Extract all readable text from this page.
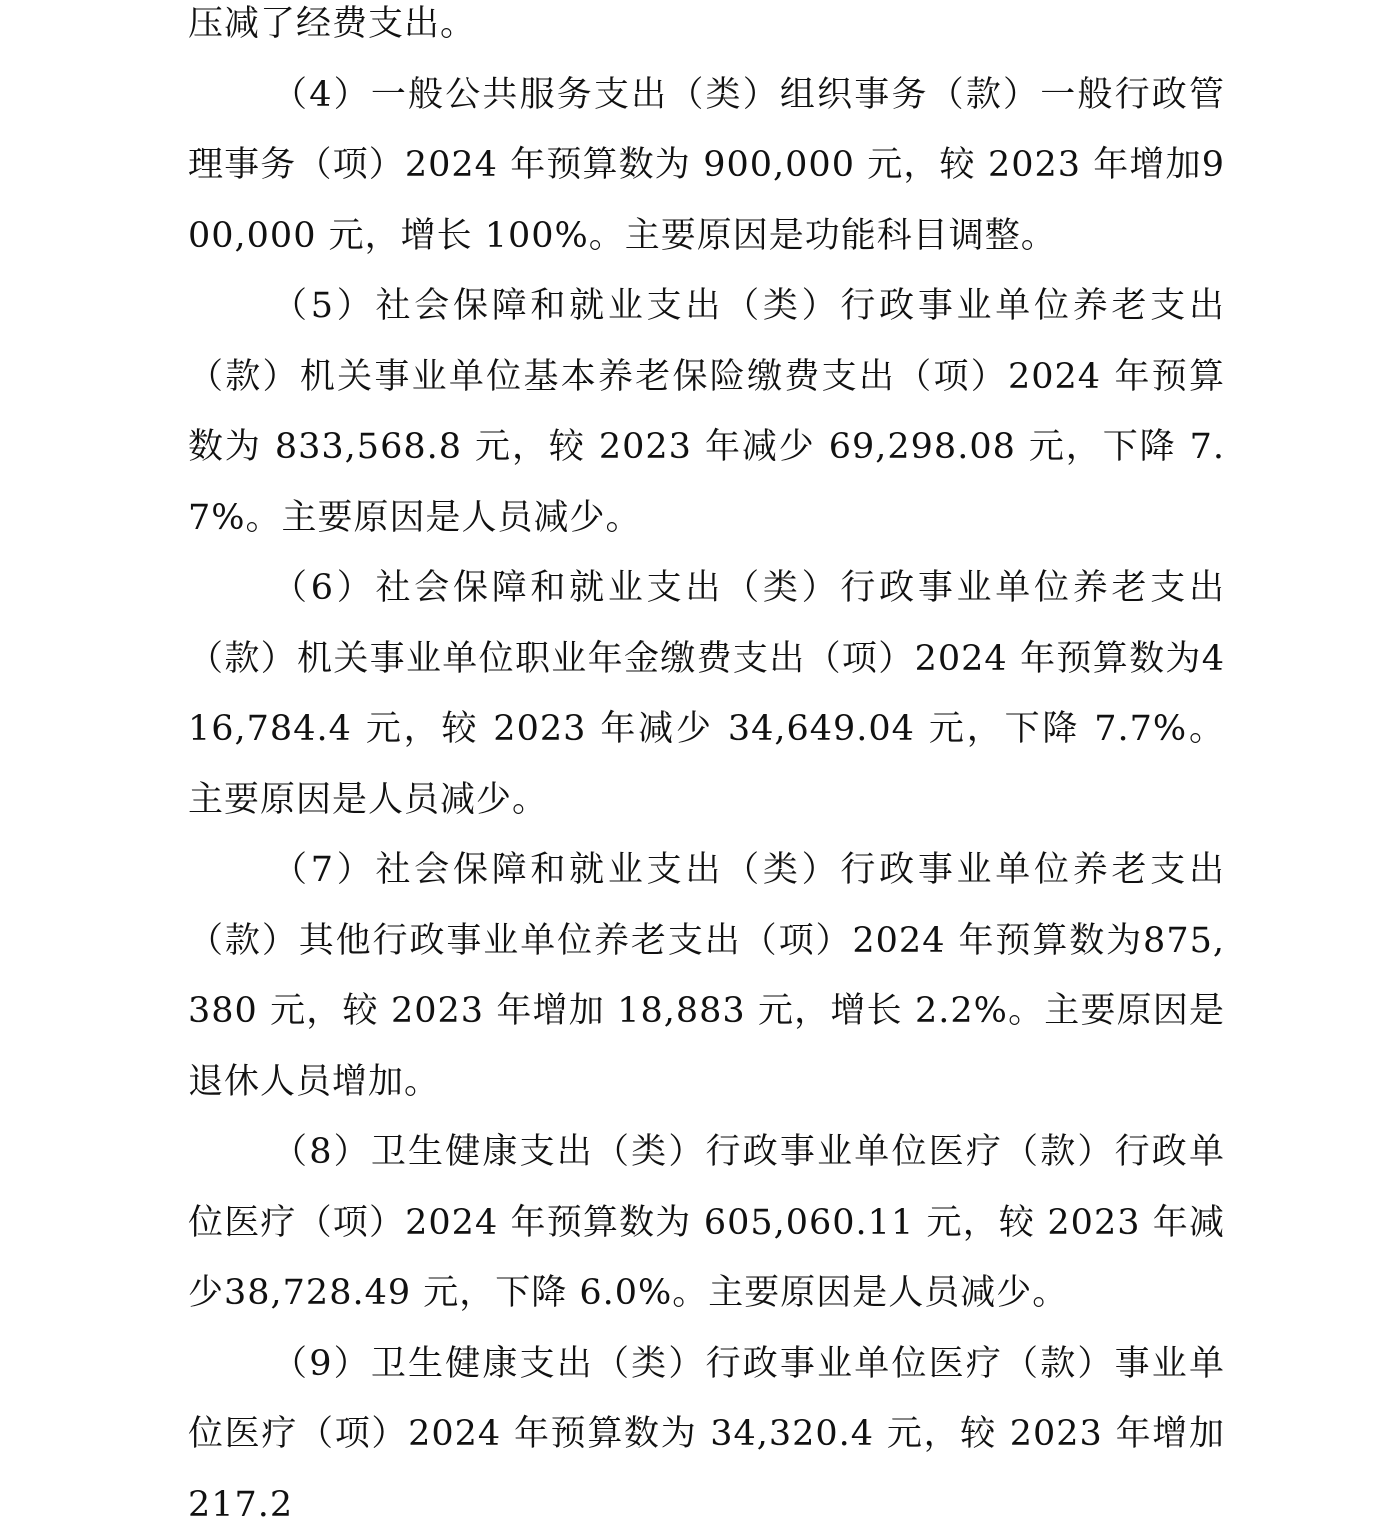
压减了经费支出。

（4）一般公共服务支出（类）组织事务（款）一般行政管理事务（项）2024 年预算数为 900,000 元，较 2023 年增加900,000 元，增长 100%。主要原因是功能科目调整。

（5）社会保障和就业支出（类）行政事业单位养老支出（款）机关事业单位基本养老保险缴费支出（项）2024 年预算数为 833,568.8 元，较 2023 年减少 69,298.08 元，下降 7.7%。主要原因是人员减少。

（6）社会保障和就业支出（类）行政事业单位养老支出（款）机关事业单位职业年金缴费支出（项）2024 年预算数为416,784.4 元，较 2023 年减少 34,649.04 元，下降 7.7%。主要原因是人员减少。

（7）社会保障和就业支出（类）行政事业单位养老支出（款）其他行政事业单位养老支出（项）2024 年预算数为875,380 元，较 2023 年增加 18,883 元，增长 2.2%。主要原因是退休人员增加。

（8）卫生健康支出（类）行政事业单位医疗（款）行政单位医疗（项）2024 年预算数为 605,060.11 元，较 2023 年减少38,728.49 元，下降 6.0%。主要原因是人员减少。

（9）卫生健康支出（类）行政事业单位医疗（款）事业单位医疗（项）2024 年预算数为 34,320.4 元，较 2023 年增加 217.2
